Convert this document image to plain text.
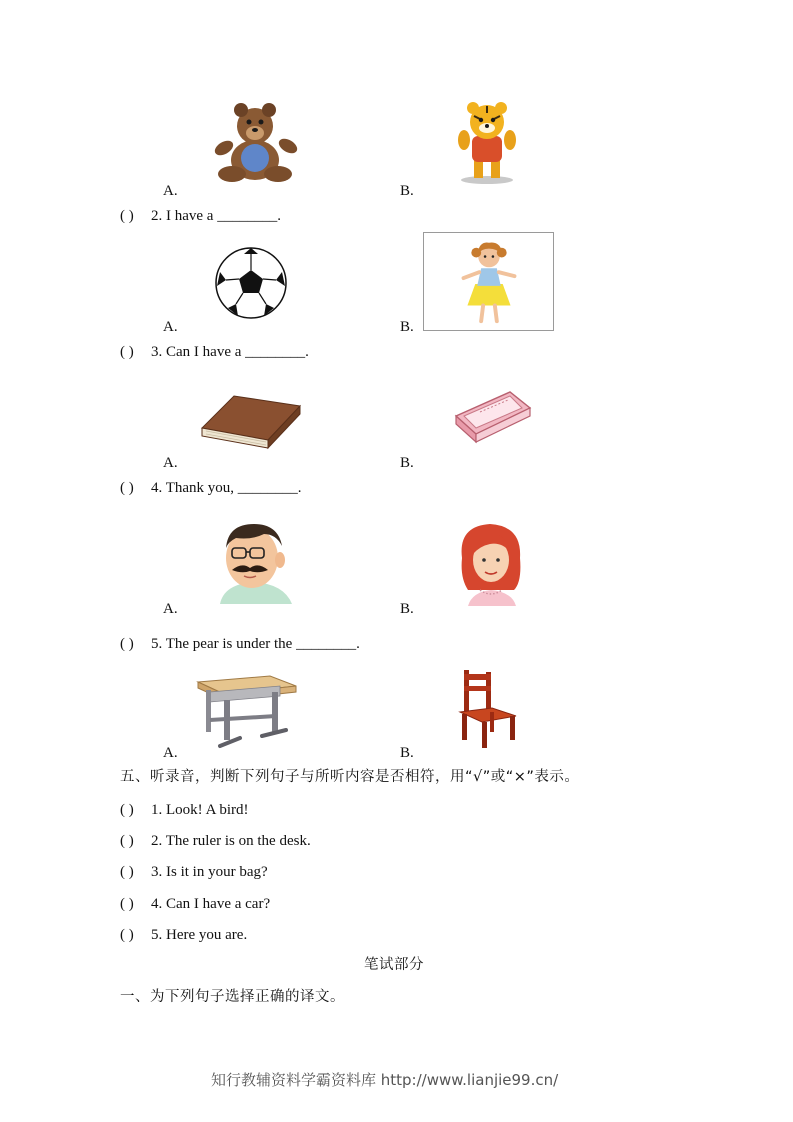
A.	B.
( ) 2. I have a ________.
A.	B.
( ) 3. Can I have a ________.
A.	B.
( ) 4. Thank you, ________.
A.	B.
( ) 5. The pear is under the ________.
A.	B.
五、听录音，判断下列句子与所听内容是否相符，用“√”或“×”表示。
( ) 1. Look! A bird!
( ) 2. The ruler is on the desk.
( ) 3. Is it in your bag?
( ) 4. Can I have a car?
( ) 5. Here you are.
笔试部分
一、为下列句子选择正确的译文。
知行教辅资料学霸资料库 http://www.lianjie99.cn/
